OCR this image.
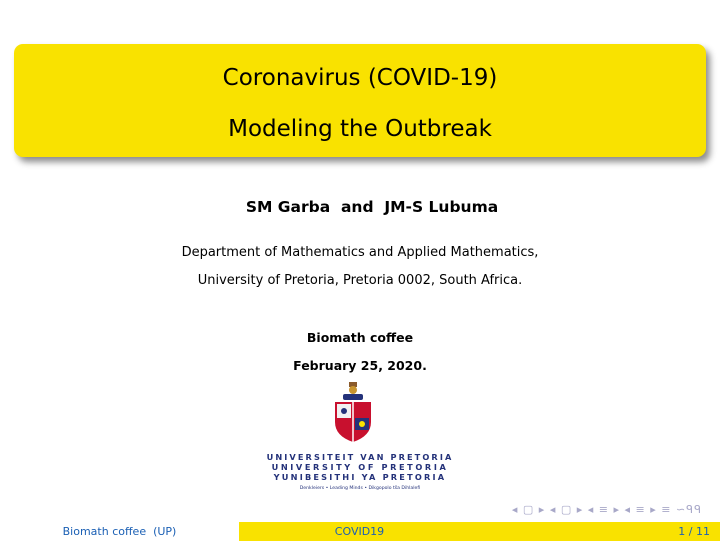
Coronavirus (COVID-19)
Modeling the Outbreak
SM Garba  and  JM-S Lubuma
Department of Mathematics and Applied Mathematics,
University of Pretoria, Pretoria 0002, South Africa.
Biomath coffee
February 25, 2020.
UNIVERSITEIT VAN PRETORIA
UNIVERSITY OF PRETORIA
YUNIBESITHI YA PRETORIA
Denkleiers • Leading Minds • Dikgopolo tša Dihlalefi
◂ ▢ ▸ ◂ ▢ ▸ ◂ ≡ ▸ ◂ ≡ ▸ ≡ ∽ᑫᑫ
Biomath coffee  (UP)	COVID19	1 / 11
